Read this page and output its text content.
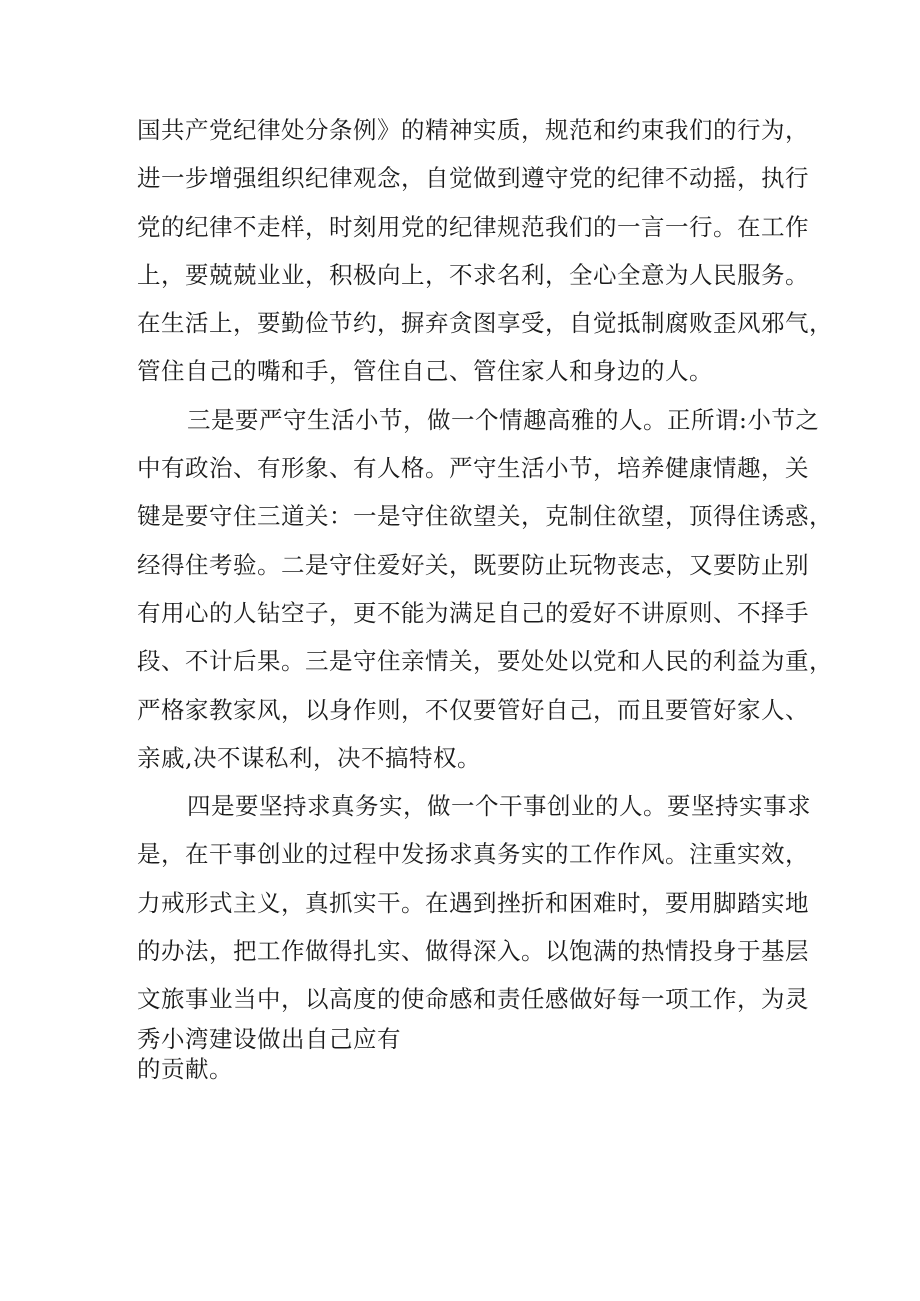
国共产党纪律处分条例》的精神实质，规范和约束我们的行为，
进一步增强组织纪律观念，自觉做到遵守党的纪律不动摇，执行
党的纪律不走样，时刻用党的纪律规范我们的一言一行。在工作
上，要兢兢业业，积极向上，不求名利，全心全意为人民服务。
在生活上，要勤俭节约，摒弃贪图享受，自觉抵制腐败歪风邪气，
管住自己的嘴和手，管住自己、管住家人和身边的人。
三是要严守生活小节，做一个情趣高雅的人。正所谓:小节之
中有政治、有形象、有人格。严守生活小节，培养健康情趣，关
键是要守住三道关：一是守住欲望关，克制住欲望，顶得住诱惑，
经得住考验。二是守住爱好关，既要防止玩物丧志，又要防止别
有用心的人钻空子，更不能为满足自己的爱好不讲原则、不择手
段、不计后果。三是守住亲情关，要处处以党和人民的利益为重，
严格家教家风，以身作则，不仅要管好自己，而且要管好家人、
亲戚,决不谋私利，决不搞特权。
四是要坚持求真务实，做一个干事创业的人。要坚持实事求
是，在干事创业的过程中发扬求真务实的工作作风。注重实效，
力戒形式主义，真抓实干。在遇到挫折和困难时，要用脚踏实地
的办法，把工作做得扎实、做得深入。以饱满的热情投身于基层
文旅事业当中，以高度的使命感和责任感做好每一项工作，为灵
秀小湾建设做出自己应有
的贡献。
